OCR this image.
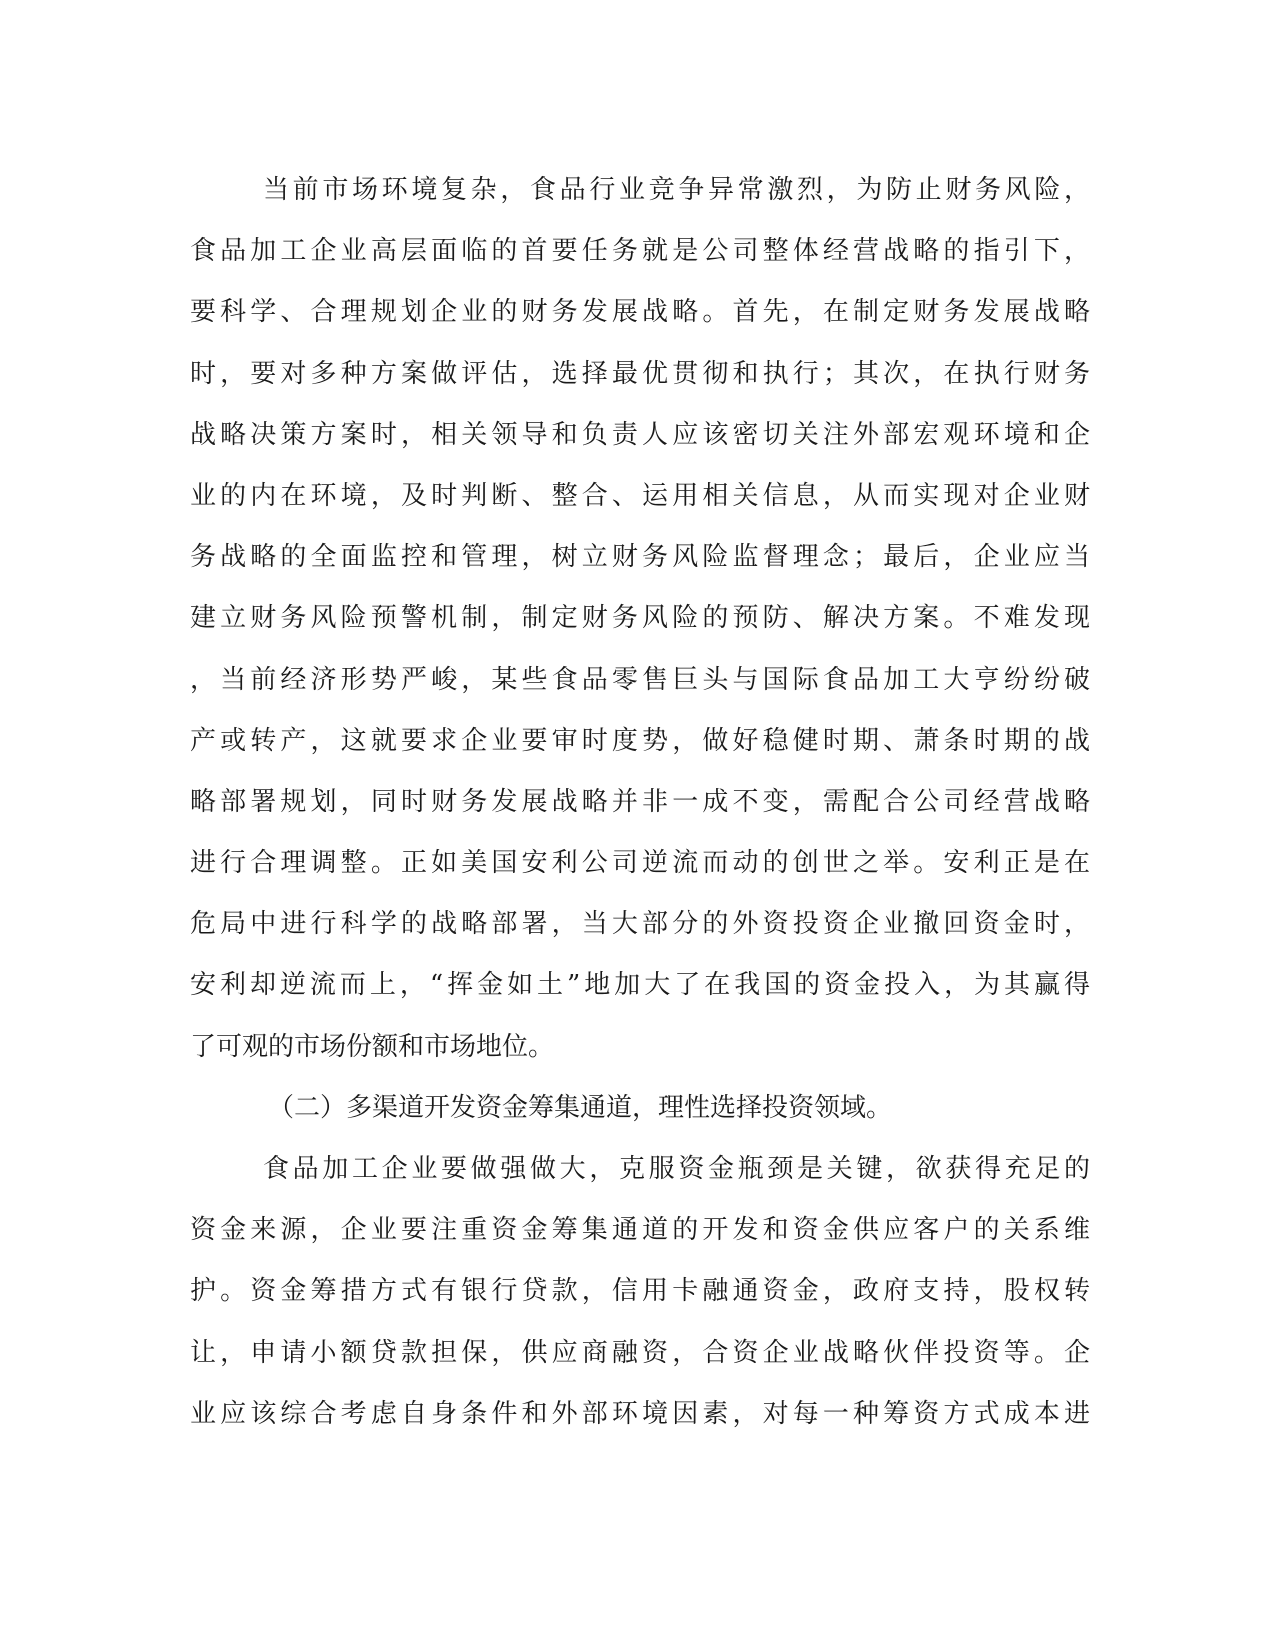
当前市场环境复杂，食品行业竞争异常激烈，为防止财务风险，
食品加工企业高层面临的首要任务就是公司整体经营战略的指引下，
要科学、合理规划企业的财务发展战略。首先，在制定财务发展战略
时，要对多种方案做评估，选择最优贯彻和执行；其次，在执行财务
战略决策方案时，相关领导和负责人应该密切关注外部宏观环境和企
业的内在环境，及时判断、整合、运用相关信息，从而实现对企业财
务战略的全面监控和管理，树立财务风险监督理念；最后，企业应当
建立财务风险预警机制，制定财务风险的预防、解决方案。不难发现
，当前经济形势严峻，某些食品零售巨头与国际食品加工大亨纷纷破
产或转产，这就要求企业要审时度势，做好稳健时期、萧条时期的战
略部署规划，同时财务发展战略并非一成不变，需配合公司经营战略
进行合理调整。正如美国安利公司逆流而动的创世之举。安利正是在
危局中进行科学的战略部署，当大部分的外资投资企业撤回资金时，
安利却逆流而上，“挥金如土”地加大了在我国的资金投入，为其赢得
了可观的市场份额和市场地位。
（二）多渠道开发资金筹集通道，理性选择投资领域。
食品加工企业要做强做大，克服资金瓶颈是关键，欲获得充足的
资金来源，企业要注重资金筹集通道的开发和资金供应客户的关系维
护。资金筹措方式有银行贷款，信用卡融通资金，政府支持，股权转
让，申请小额贷款担保，供应商融资，合资企业战略伙伴投资等。企
业应该综合考虑自身条件和外部环境因素，对每一种筹资方式成本进
